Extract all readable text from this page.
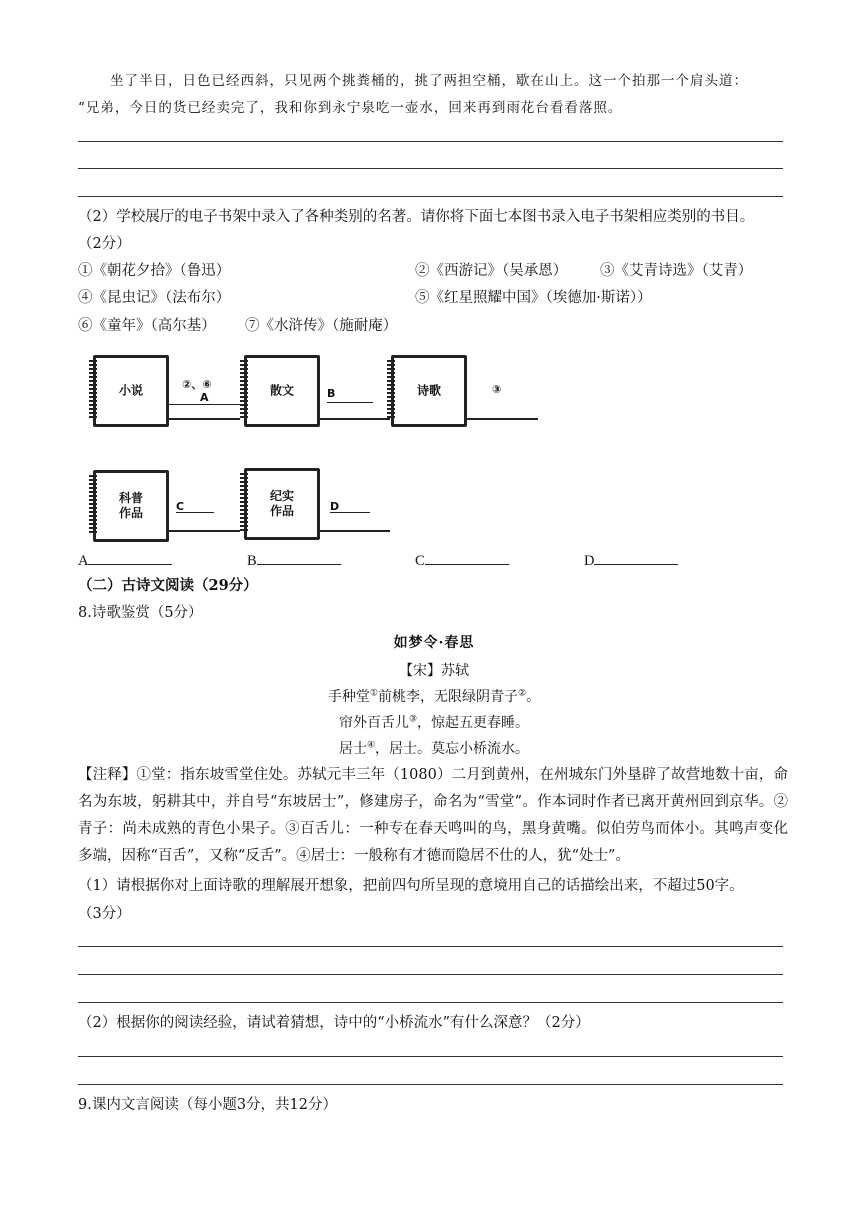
坐了半日，日色已经西斜，只见两个挑粪桶的，挑了两担空桶，歇在山上。这一个拍那一个肩头道：
“兄弟，今日的货已经卖完了，我和你到永宁泉吃一壶水，回来再到雨花台看看落照。
（2）学校展厅的电子书架中录入了各种类别的名著。请你将下面七本图书录入电子书架相应类别的书目。
（2分）
①《朝花夕拾》（鲁迅）	②《西游记》（吴承恩） ③《艾青诗选》（艾青）
④《昆虫记》（法布尔）	⑤《红星照耀中国》（埃德加·斯诺））
⑥《童年》（高尔基） ⑦《水浒传》（施耐庵）
小说	②、⑥
A	散文	B	诗歌	③
科普
作品	C
纪实
作品	D
A	B	C	D
（二）古诗文阅读（29分）
8.诗歌鉴赏（5分）
如梦令·春思
【宋】苏轼
手种堂①前桃李，无限绿阴青子②。
帘外百舌儿③，惊起五更春睡。
居士④，居士。莫忘小桥流水。
【注释】①堂：指东坡雪堂住处。苏轼元丰三年（1080）二月到黄州，在州城东门外垦辟了故营地数十亩，命名为东坡，躬耕其中，并自号“东坡居士”，修建房子，命名为“雪堂”。作本词时作者已离开黄州回到京华。②青子：尚未成熟的青色小果子。③百舌儿：一种专在春天鸣叫的鸟，黑身黄嘴。似伯劳鸟而体小。其鸣声变化多端，因称“百舌”，又称“反舌”。④居士：一般称有才德而隐居不仕的人，犹“处士”。
（1）请根据你对上面诗歌的理解展开想象，把前四句所呈现的意境用自己的话描绘出来，不超过50字。
（3分）
（2）根据你的阅读经验，请试着猜想，诗中的“小桥流水”有什么深意？（2分）
9.课内文言阅读（每小题3分，共12分）
